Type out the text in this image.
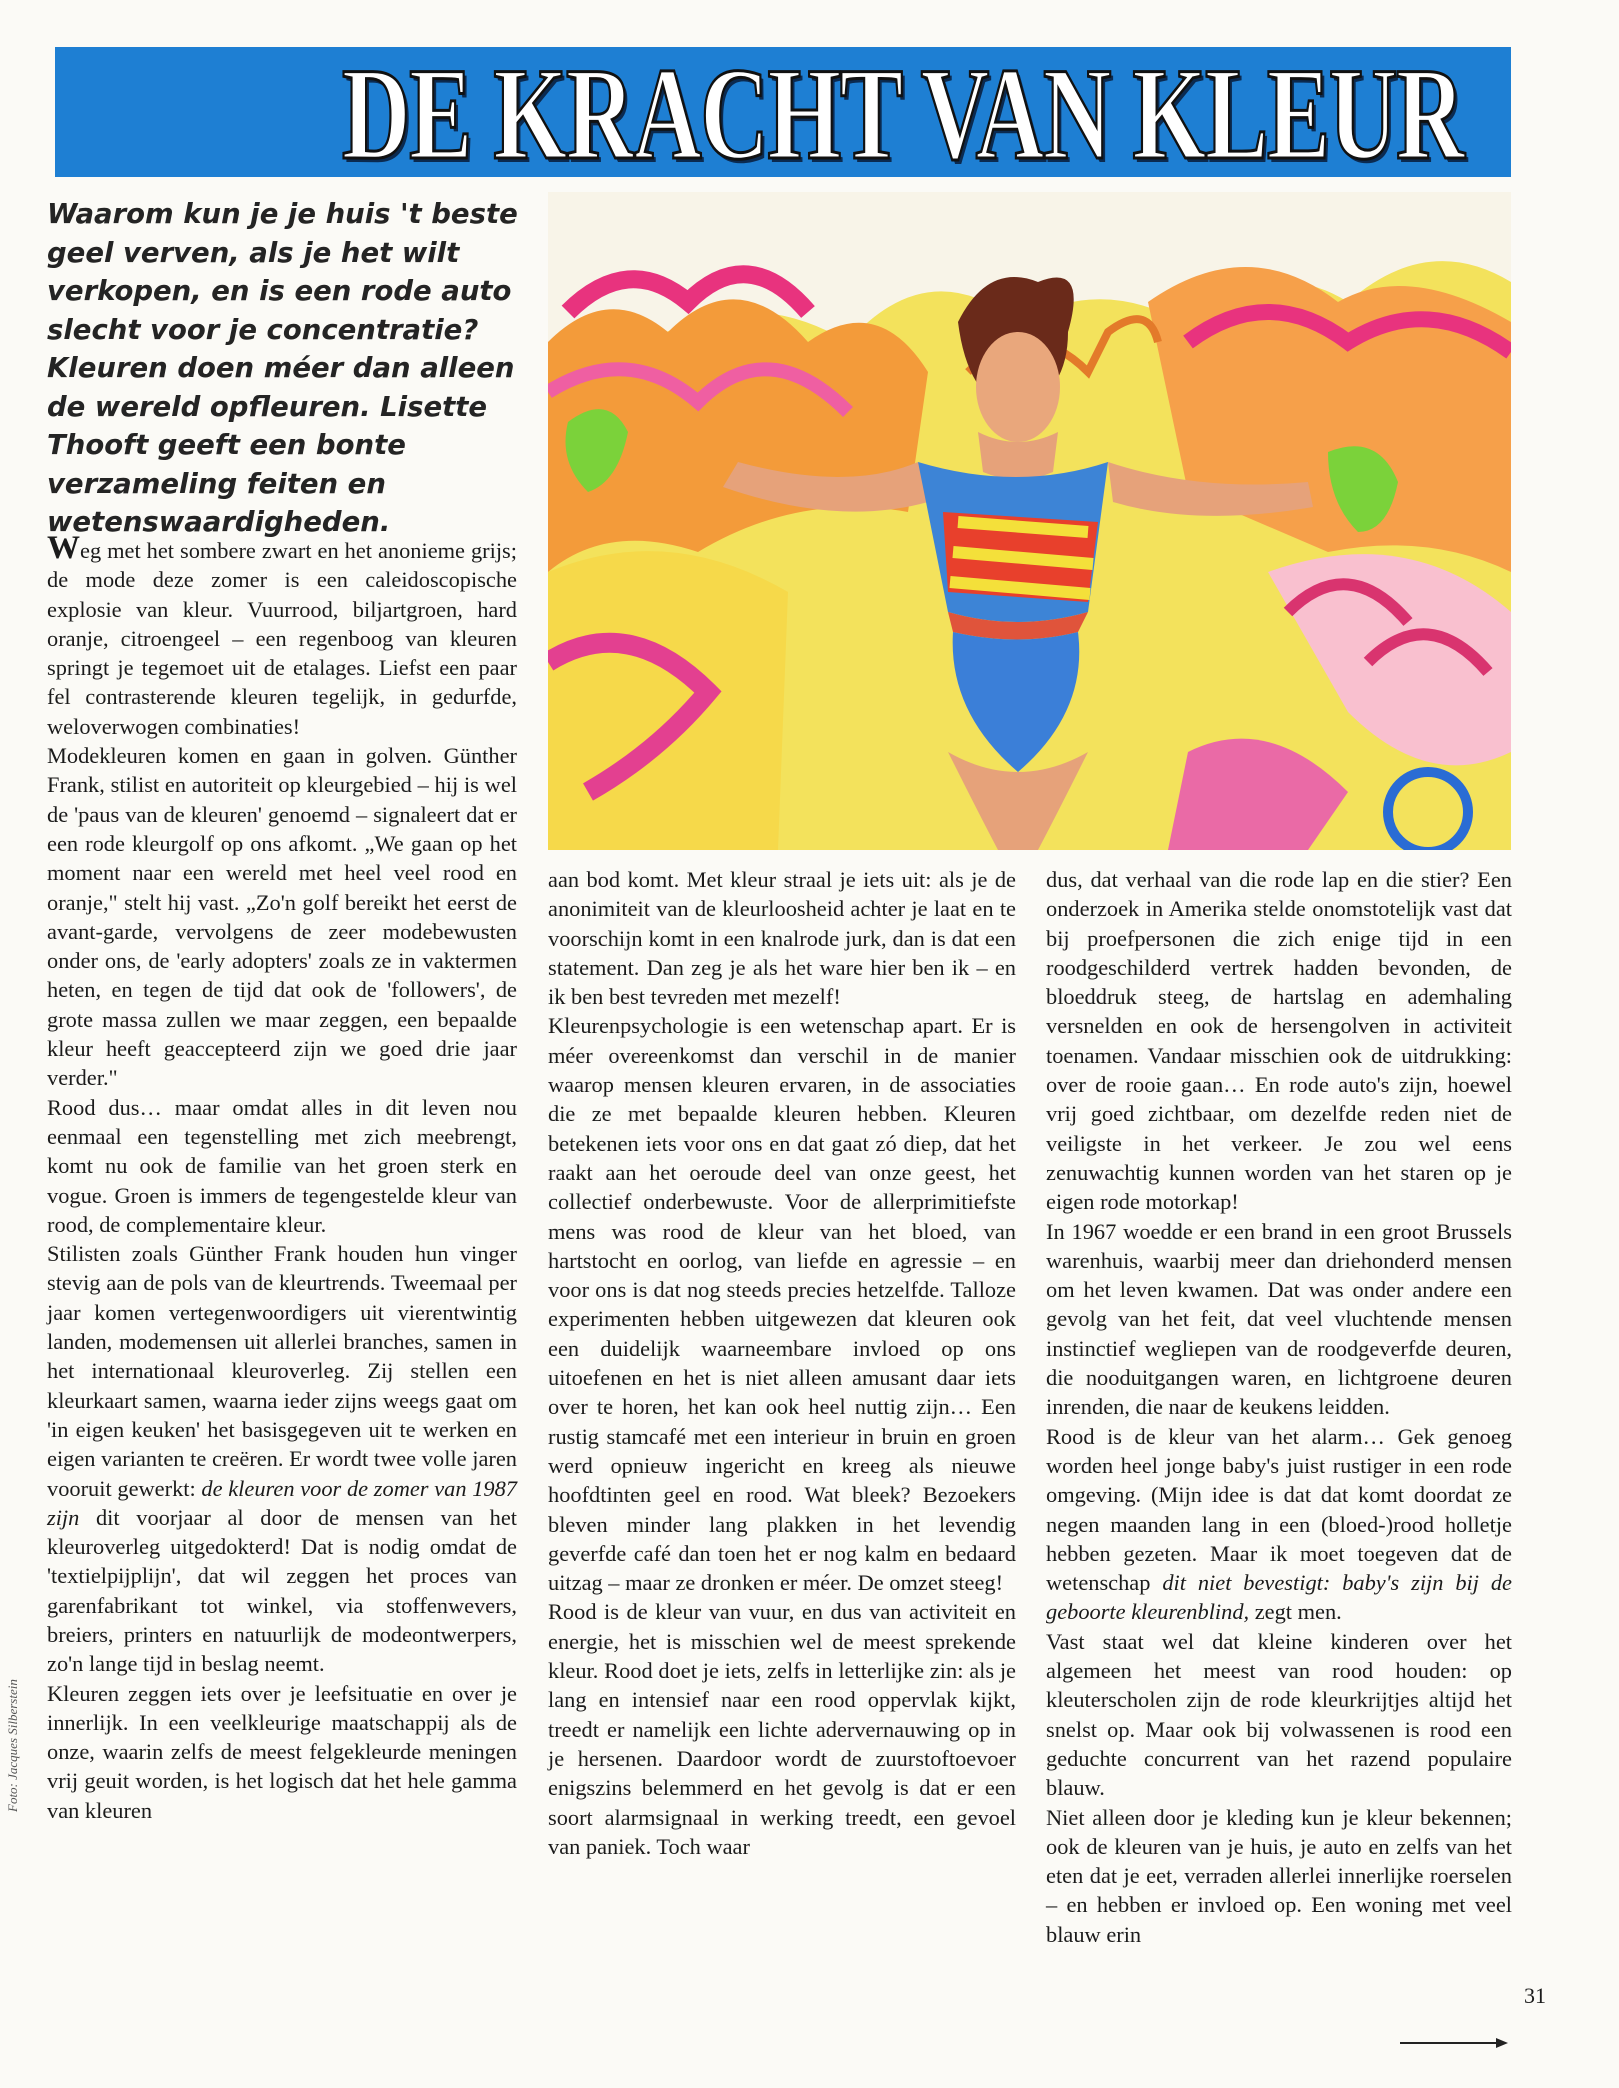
DE KRACHT VAN KLEUR
Waarom kun je je huis 't beste geel verven, als je het wilt verkopen, en is een rode auto slecht voor je concentratie? Kleuren doen méer dan alleen de wereld opfleuren. Lisette Thooft geeft een bonte verzameling feiten en wetenswaardigheden.

Weg met het sombere zwart en het anonieme grijs; de mode deze zomer is een caleidoscopische explosie van kleur. Vuurrood, biljartgroen, hard oranje, citroengeel – een regenboog van kleuren springt je tegemoet uit de etalages. Liefst een paar fel contrasterende kleuren tegelijk, in gedurfde, weloverwogen combinaties!

Modekleuren komen en gaan in golven. Günther Frank, stilist en autoriteit op kleurgebied – hij is wel de 'paus van de kleuren' genoemd – signaleert dat er een rode kleurgolf op ons afkomt. „We gaan op het moment naar een wereld met heel veel rood en oranje," stelt hij vast. „Zo'n golf bereikt het eerst de avant-garde, vervolgens de zeer modebewusten onder ons, de 'early adopters' zoals ze in vaktermen heten, en tegen de tijd dat ook de 'followers', de grote massa zullen we maar zeggen, een bepaalde kleur heeft geaccepteerd zijn we goed drie jaar verder."

Rood dus… maar omdat alles in dit leven nou eenmaal een tegenstelling met zich meebrengt, komt nu ook de familie van het groen sterk en vogue. Groen is immers de tegengestelde kleur van rood, de complementaire kleur.

Stilisten zoals Günther Frank houden hun vinger stevig aan de pols van de kleurtrends. Tweemaal per jaar komen vertegenwoordigers uit vierentwintig landen, modemensen uit allerlei branches, samen in het internationaal kleuroverleg. Zij stellen een kleurkaart samen, waarna ieder zijns weegs gaat om 'in eigen keuken' het basisgegeven uit te werken en eigen varianten te creëren. Er wordt twee volle jaren vooruit gewerkt: de kleuren voor de zomer van 1987 zijn dit voorjaar al door de mensen van het kleuroverleg uitgedokterd! Dat is nodig omdat de 'textielpijplijn', dat wil zeggen het proces van garenfabrikant tot winkel, via stoffenwevers, breiers, printers en natuurlijk de modeontwerpers, zo'n lange tijd in beslag neemt.

Kleuren zeggen iets over je leefsituatie en over je innerlijk. In een veelkleurige maatschappij als de onze, waarin zelfs de meest felgekleurde meningen vrij geuit worden, is het logisch dat het hele gamma van kleuren

aan bod komt. Met kleur straal je iets uit: als je de anonimiteit van de kleurloosheid achter je laat en te voorschijn komt in een knalrode jurk, dan is dat een statement. Dan zeg je als het ware hier ben ik – en ik ben best tevreden met mezelf!

Kleurenpsychologie is een wetenschap apart. Er is méer overeenkomst dan verschil in de manier waarop mensen kleuren ervaren, in de associaties die ze met bepaalde kleuren hebben. Kleuren betekenen iets voor ons en dat gaat zó diep, dat het raakt aan het oeroude deel van onze geest, het collectief onderbewuste. Voor de allerprimitiefste mens was rood de kleur van het bloed, van hartstocht en oorlog, van liefde en agressie – en voor ons is dat nog steeds precies hetzelfde. Talloze experimenten hebben uitgewezen dat kleuren ook een duidelijk waarneembare invloed op ons uitoefenen en het is niet alleen amusant daar iets over te horen, het kan ook heel nuttig zijn… Een rustig stamcafé met een interieur in bruin en groen werd opnieuw ingericht en kreeg als nieuwe hoofdtinten geel en rood. Wat bleek? Bezoekers bleven minder lang plakken in het levendig geverfde café dan toen het er nog kalm en bedaard uitzag – maar ze dronken er méer. De omzet steeg!

Rood is de kleur van vuur, en dus van activiteit en energie, het is misschien wel de meest sprekende kleur. Rood doet je iets, zelfs in letterlijke zin: als je lang en intensief naar een rood oppervlak kijkt, treedt er namelijk een lichte adervernauwing op in je hersenen. Daardoor wordt de zuurstoftoevoer enigszins belemmerd en het gevolg is dat er een soort alarmsignaal in werking treedt, een gevoel van paniek. Toch waar

dus, dat verhaal van die rode lap en die stier? Een onderzoek in Amerika stelde onomstotelijk vast dat bij proefpersonen die zich enige tijd in een roodgeschilderd vertrek hadden bevonden, de bloeddruk steeg, de hartslag en ademhaling versnelden en ook de hersengolven in activiteit toenamen. Vandaar misschien ook de uitdrukking: over de rooie gaan… En rode auto's zijn, hoewel vrij goed zichtbaar, om dezelfde reden niet de veiligste in het verkeer. Je zou wel eens zenuwachtig kunnen worden van het staren op je eigen rode motorkap!

In 1967 woedde er een brand in een groot Brussels warenhuis, waarbij meer dan driehonderd mensen om het leven kwamen. Dat was onder andere een gevolg van het feit, dat veel vluchtende mensen instinctief wegliepen van de roodgeverfde deuren, die nooduitgangen waren, en lichtgroene deuren inrenden, die naar de keukens leidden.

Rood is de kleur van het alarm… Gek genoeg worden heel jonge baby's juist rustiger in een rode omgeving. (Mijn idee is dat dat komt doordat ze negen maanden lang in een (bloed-)rood holletje hebben gezeten. Maar ik moet toegeven dat de wetenschap dit niet bevestigt: baby's zijn bij de geboorte kleurenblind, zegt men.

Vast staat wel dat kleine kinderen over het algemeen het meest van rood houden: op kleuterscholen zijn de rode kleurkrijtjes altijd het snelst op. Maar ook bij volwassenen is rood een geduchte concurrent van het razend populaire blauw.

Niet alleen door je kleding kun je kleur bekennen; ook de kleuren van je huis, je auto en zelfs van het eten dat je eet, verraden allerlei innerlijke roerselen – en hebben er invloed op. Een woning met veel blauw erin

Foto: Jacques Silberstein
31
